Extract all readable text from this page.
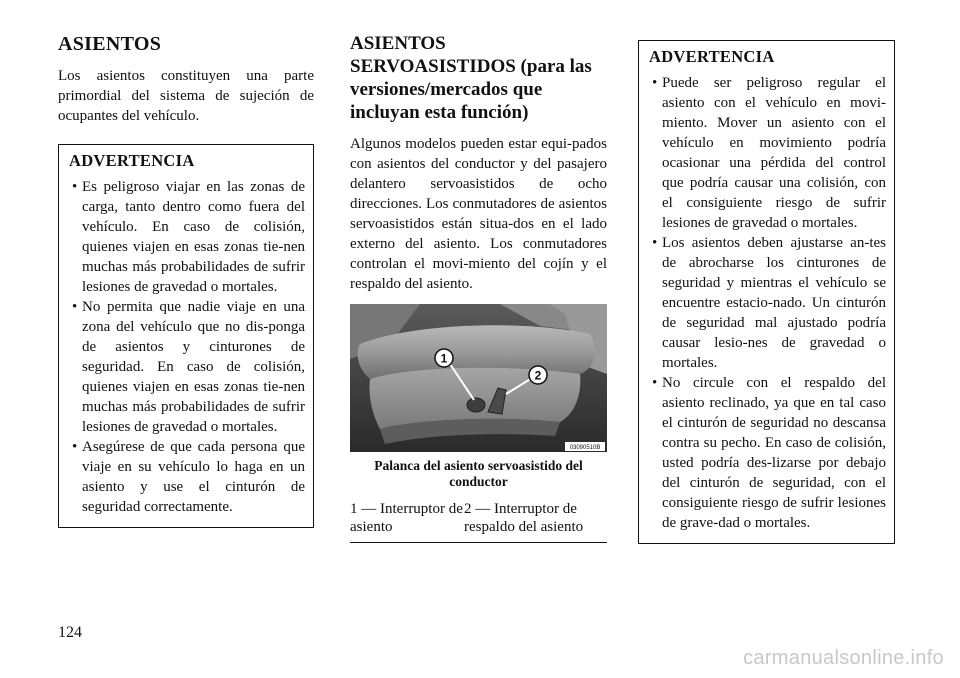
ASIENTOS

Los asientos constituyen una parte primordial del sistema de sujeción de ocupantes del vehículo.

ADVERTENCIA
• Es peligroso viajar en las zonas de carga, tanto dentro como fuera del vehículo. En caso de colisión, quienes viajen en esas zonas tie-nen muchas más probabilidades de sufrir lesiones de gravedad o mortales.
• No permita que nadie viaje en una zona del vehículo que no dis-ponga de asientos y cinturones de seguridad. En caso de colisión, quienes viajen en esas zonas tie-nen muchas más probabilidades de sufrir lesiones de gravedad o mortales.
• Asegúrese de que cada persona que viaje en su vehículo lo haga en un asiento y use el cinturón de seguridad correctamente.
ASIENTOS
SERVOASISTIDOS (para las
versiones/mercados que
incluyan esta función)

Algunos modelos pueden estar equi-pados con asientos del conductor y del pasajero delantero servoasistidos de ocho direcciones. Los conmutadores de asientos servoasistidos están situa-dos en el lado externo del asiento. Los conmutadores controlan el movi-miento del cojín y el respaldo del asiento.

1
2
03090510B
Palanca del asiento servoasistido del conductor
1 — Interruptor de asiento
2 — Interruptor de respaldo del asiento
ADVERTENCIA
• Puede ser peligroso regular el asiento con el vehículo en movi-miento. Mover un asiento con el vehículo en movimiento podría ocasionar una pérdida del control que podría causar una colisión, con el consiguiente riesgo de sufrir lesiones de gravedad o mortales.
• Los asientos deben ajustarse an-tes de abrocharse los cinturones de seguridad y mientras el vehículo se encuentre estacio-nado. Un cinturón de seguridad mal ajustado podría causar lesio-nes de gravedad o mortales.
• No circule con el respaldo del asiento reclinado, ya que en tal caso el cinturón de seguridad no descansa contra su pecho. En caso de colisión, usted podría des-lizarse por debajo del cinturón de seguridad, con el consiguiente riesgo de sufrir lesiones de grave-dad o mortales.
124
carmanualsonline.info
